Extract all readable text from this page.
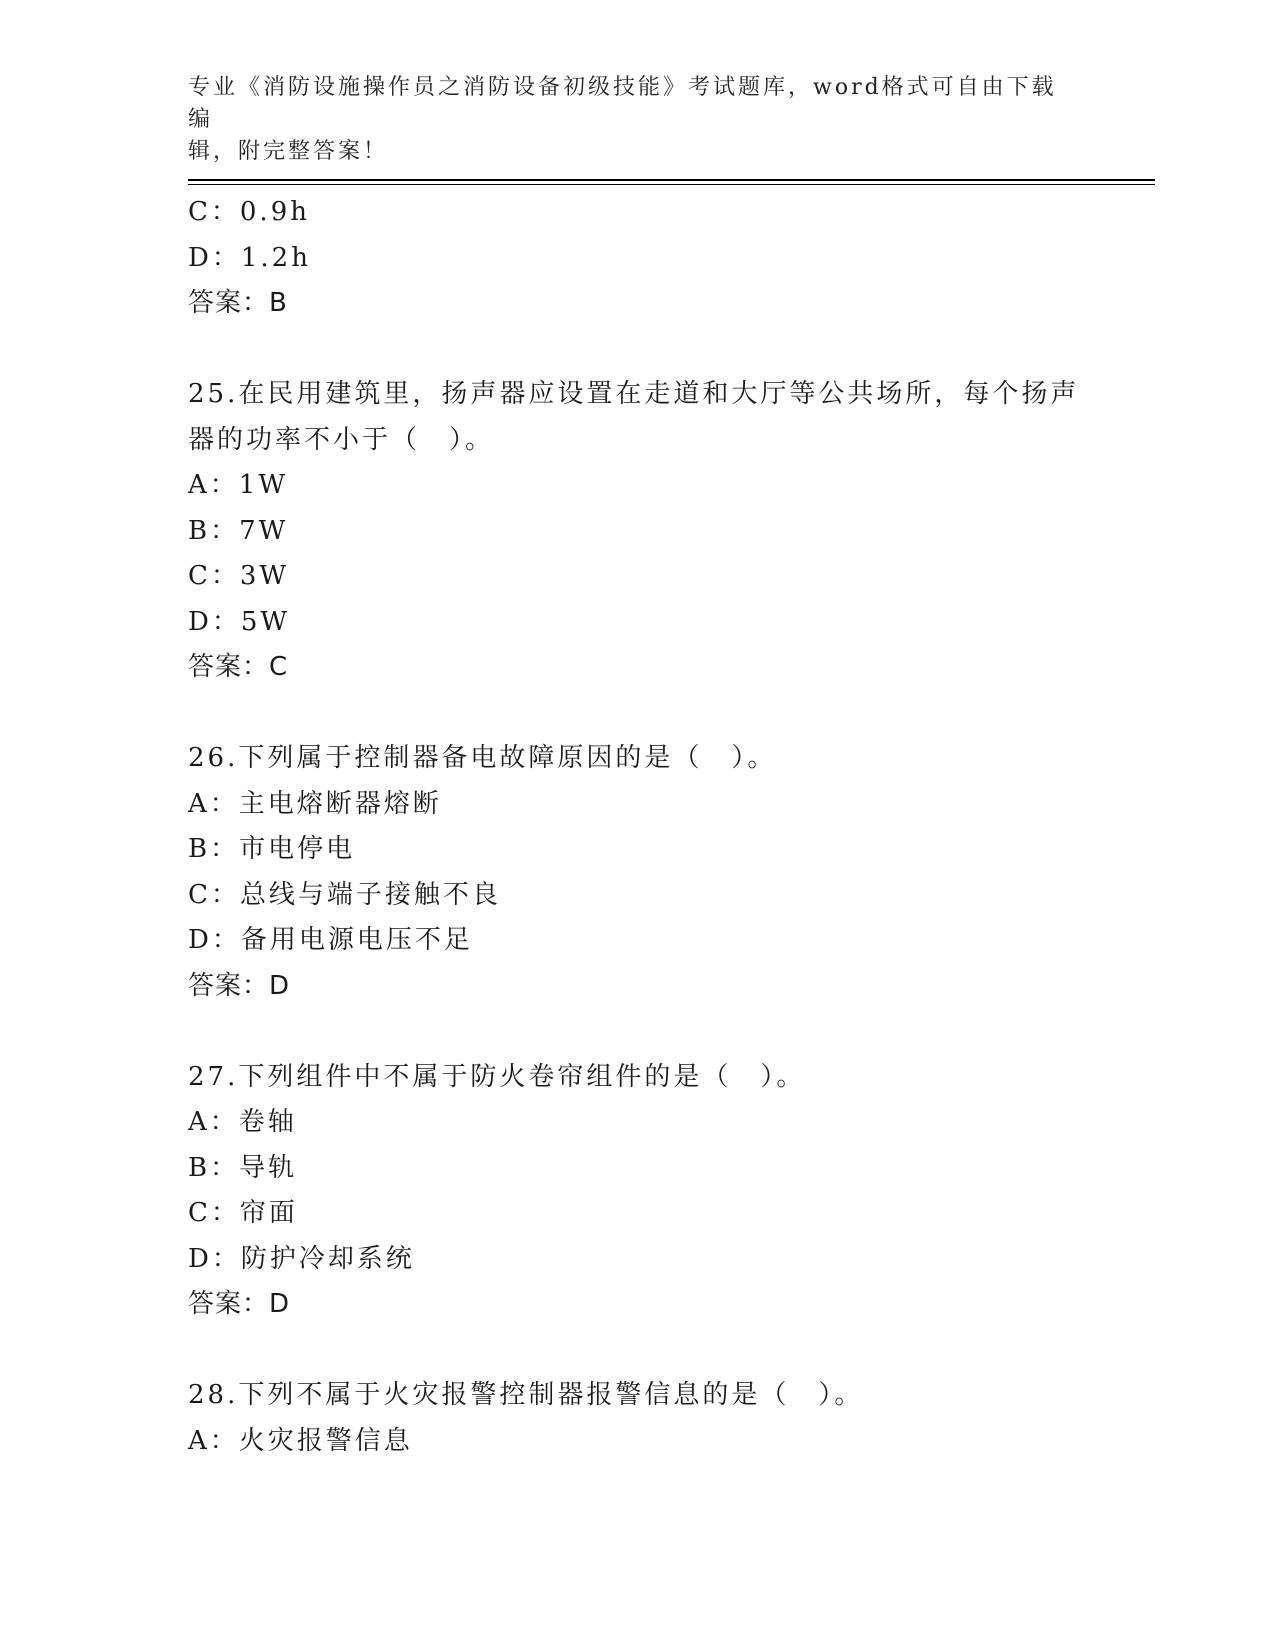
专业《消防设施操作员之消防设备初级技能》考试题库，word格式可自由下载编
辑，附完整答案！
C：0.9h
D：1.2h
答案：B
25.在民用建筑里，扬声器应设置在走道和大厅等公共场所，每个扬声
器的功率不小于（　）。
A：1W
B：7W
C：3W
D：5W
答案：C
26.下列属于控制器备电故障原因的是（　）。
A：主电熔断器熔断
B：市电停电
C：总线与端子接触不良
D：备用电源电压不足
答案：D
27.下列组件中不属于防火卷帘组件的是（　）。
A：卷轴
B：导轨
C：帘面
D：防护冷却系统
答案：D
28.下列不属于火灾报警控制器报警信息的是（　）。
A：火灾报警信息
